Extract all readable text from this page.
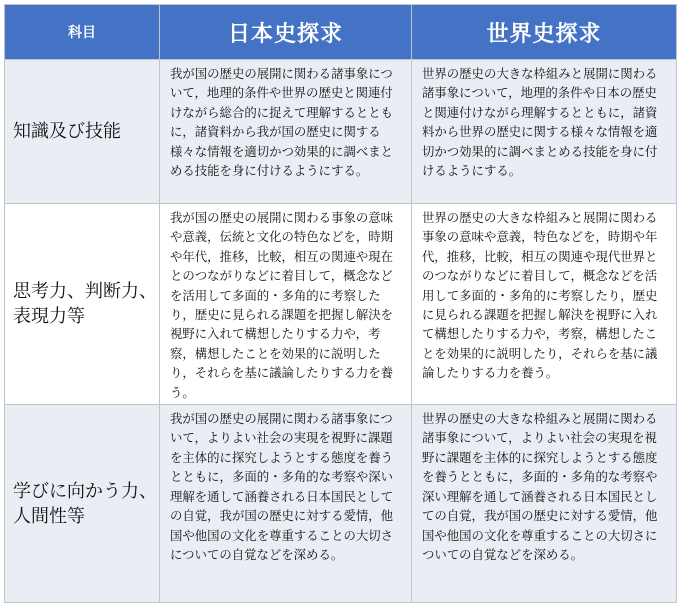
科目	日本史探求	世界史探求
知識及び技能	我が国の歴史の展開に関わる諸事象について，地理的条件や世界の歴史と関連付けながら総合的に捉えて理解するとともに，諸資料から我が国の歴史に関する様々な情報を適切かつ効果的に調べまとめる技能を身に付けるようにする。	世界の歴史の大きな枠組みと展開に関わる諸事象について，地理的条件や日本の歴史と関連付けながら理解するとともに，諸資料から世界の歴史に関する様々な情報を適切かつ効果的に調べまとめる技能を身に付けるようにする。
思考力、判断力、表現力等	我が国の歴史の展開に関わる事象の意味や意義，伝統と文化の特色などを，時期や年代，推移，比較，相互の関連や現在とのつながりなどに着目して，概念などを活用して多面的・多角的に考察したり，歴史に見られる課題を把握し解決を視野に入れて構想したりする力や，考察，構想したことを効果的に説明したり，それらを基に議論したりする力を養う。	世界の歴史の大きな枠組みと展開に関わる事象の意味や意義，特色などを，時期や年代，推移，比較，相互の関連や現代世界とのつながりなどに着目して，概念などを活用して多面的・多角的に考察したり，歴史に見られる課題を把握し解決を視野に入れて構想したりする力や，考察，構想したことを効果的に説明したり，それらを基に議論したりする力を養う。
学びに向かう力、人間性等	我が国の歴史の展開に関わる諸事象について，よりよい社会の実現を視野に課題を主体的に探究しようとする態度を養うとともに，多面的・多角的な考察や深い理解を通して涵養される日本国民としての自覚，我が国の歴史に対する愛情，他国や他国の文化を尊重することの大切さについての自覚などを深める。	世界の歴史の大きな枠組みと展開に関わる諸事象について，よりよい社会の実現を視野に課題を主体的に探究しようとする態度を養うとともに，多面的・多角的な考察や深い理解を通して涵養される日本国民としての自覚，我が国の歴史に対する愛情，他国や他国の文化を尊重することの大切さについての自覚などを深める。
